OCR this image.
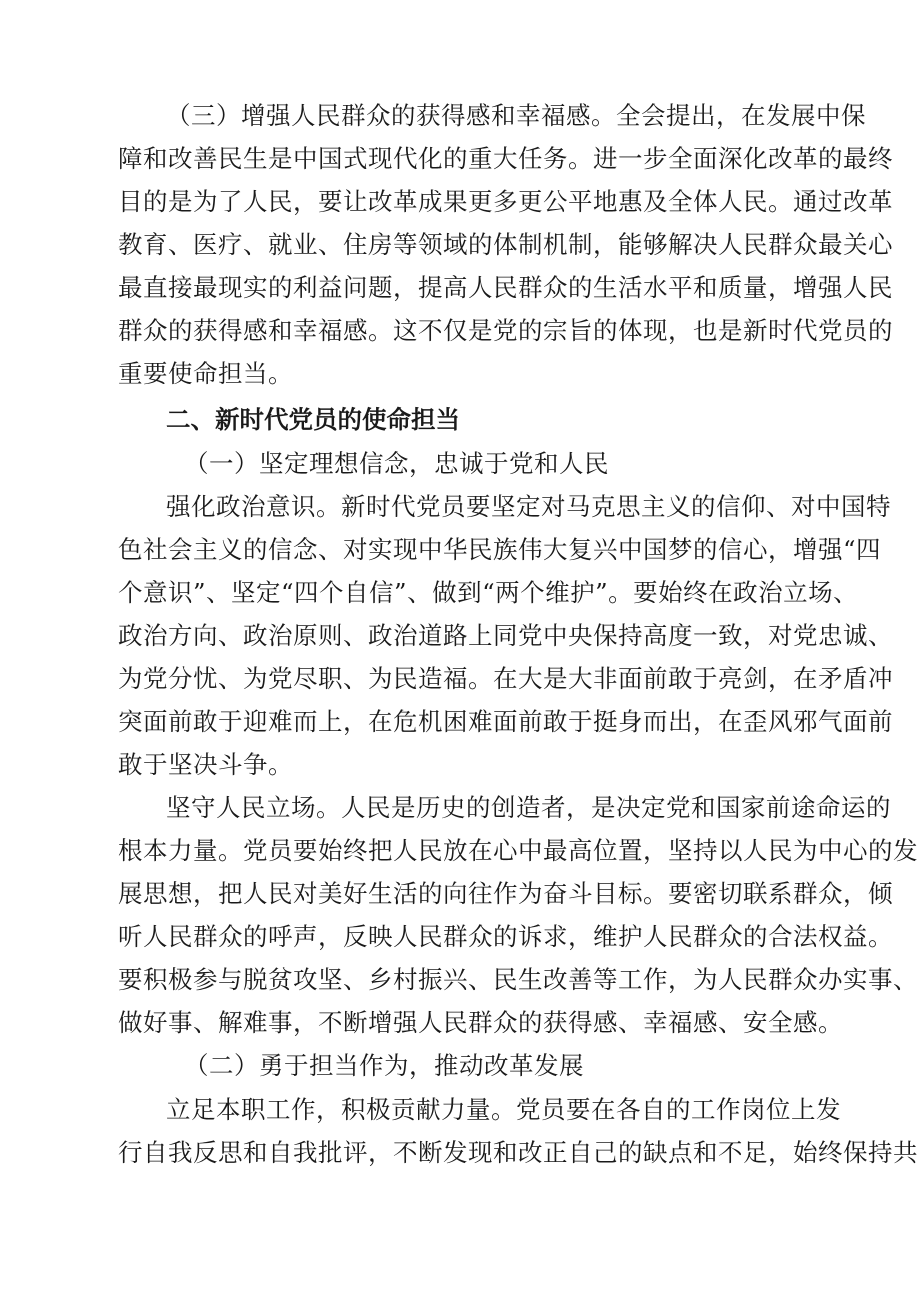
（三）增强人民群众的获得感和幸福感。全会提出，在发展中保
障和改善民生是中国式现代化的重大任务。进一步全面深化改革的最终
目的是为了人民，要让改革成果更多更公平地惠及全体人民。通过改革
教育、医疗、就业、住房等领域的体制机制，能够解决人民群众最关心
最直接最现实的利益问题，提高人民群众的生活水平和质量，增强人民
群众的获得感和幸福感。这不仅是党的宗旨的体现，也是新时代党员的
重要使命担当。
二、新时代党员的使命担当
（一）坚定理想信念，忠诚于党和人民
强化政治意识。新时代党员要坚定对马克思主义的信仰、对中国特
色社会主义的信念、对实现中华民族伟大复兴中国梦的信心，增强“四
个意识”、坚定“四个自信”、做到“两个维护”。要始终在政治立场、
政治方向、政治原则、政治道路上同党中央保持高度一致，对党忠诚、
为党分忧、为党尽职、为民造福。在大是大非面前敢于亮剑，在矛盾冲
突面前敢于迎难而上，在危机困难面前敢于挺身而出，在歪风邪气面前
敢于坚决斗争。
坚守人民立场。人民是历史的创造者，是决定党和国家前途命运的
根本力量。党员要始终把人民放在心中最高位置，坚持以人民为中心的发
展思想，把人民对美好生活的向往作为奋斗目标。要密切联系群众，倾
听人民群众的呼声，反映人民群众的诉求，维护人民群众的合法权益。
要积极参与脱贫攻坚、乡村振兴、民生改善等工作，为人民群众办实事、
做好事、解难事，不断增强人民群众的获得感、幸福感、安全感。
（二）勇于担当作为，推动改革发展
立足本职工作，积极贡献力量。党员要在各自的工作岗位上发
行自我反思和自我批评，不断发现和改正自己的缺点和不足，始终保持共
